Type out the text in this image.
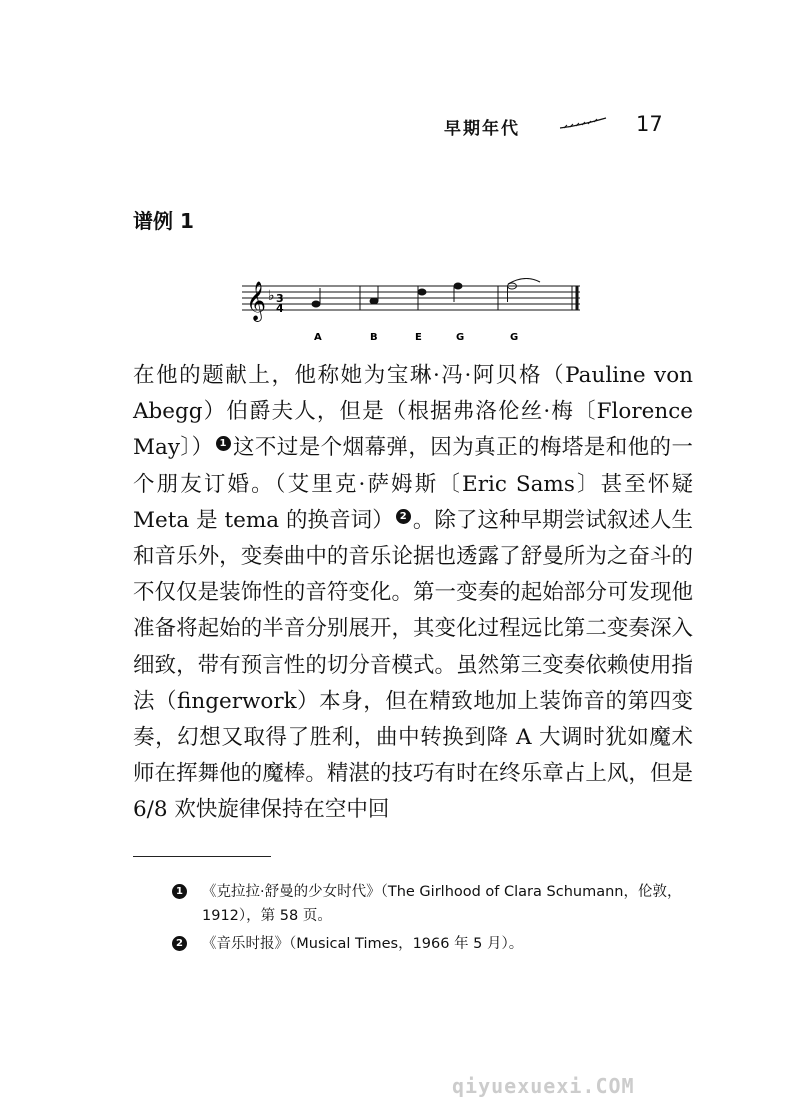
早期年代	17
谱例 1
𝄞 ♭ 3
4
A	B	E	G	G

在他的题献上，他称她为宝琳·冯·阿贝格（Pauline von Abegg）伯爵夫人，但是（根据弗洛伦丝·梅〔Florence May〕） 1 这不过是个烟幕弹，因为真正的梅塔是和他的一个朋友订婚。（艾里克·萨姆斯〔Eric Sams〕甚至怀疑 Meta 是 tema 的换音词） 2 。除了这种早期尝试叙述人生和音乐外，变奏曲中的音乐论据也透露了舒曼所为之奋斗的不仅仅是装饰性的音符变化。第一变奏的起始部分可发现他准备将起始的半音分别展开，其变化过程远比第二变奏深入细致，带有预言性的切分音模式。虽然第三变奏依赖使用指法（fingerwork）本身，但在精致地加上装饰音的第四变奏，幻想又取得了胜利，曲中转换到降 A 大调时犹如魔术师在挥舞他的魔棒。精湛的技巧有时在终乐章占上风，但是 6/8 欢快旋律保持在空中回

1 《克拉拉·舒曼的少女时代》（The Girlhood of Clara Schumann，伦敦，1912），第 58 页。
2 《音乐时报》（Musical Times，1966 年 5 月）。
qiyuexuexi.COM
